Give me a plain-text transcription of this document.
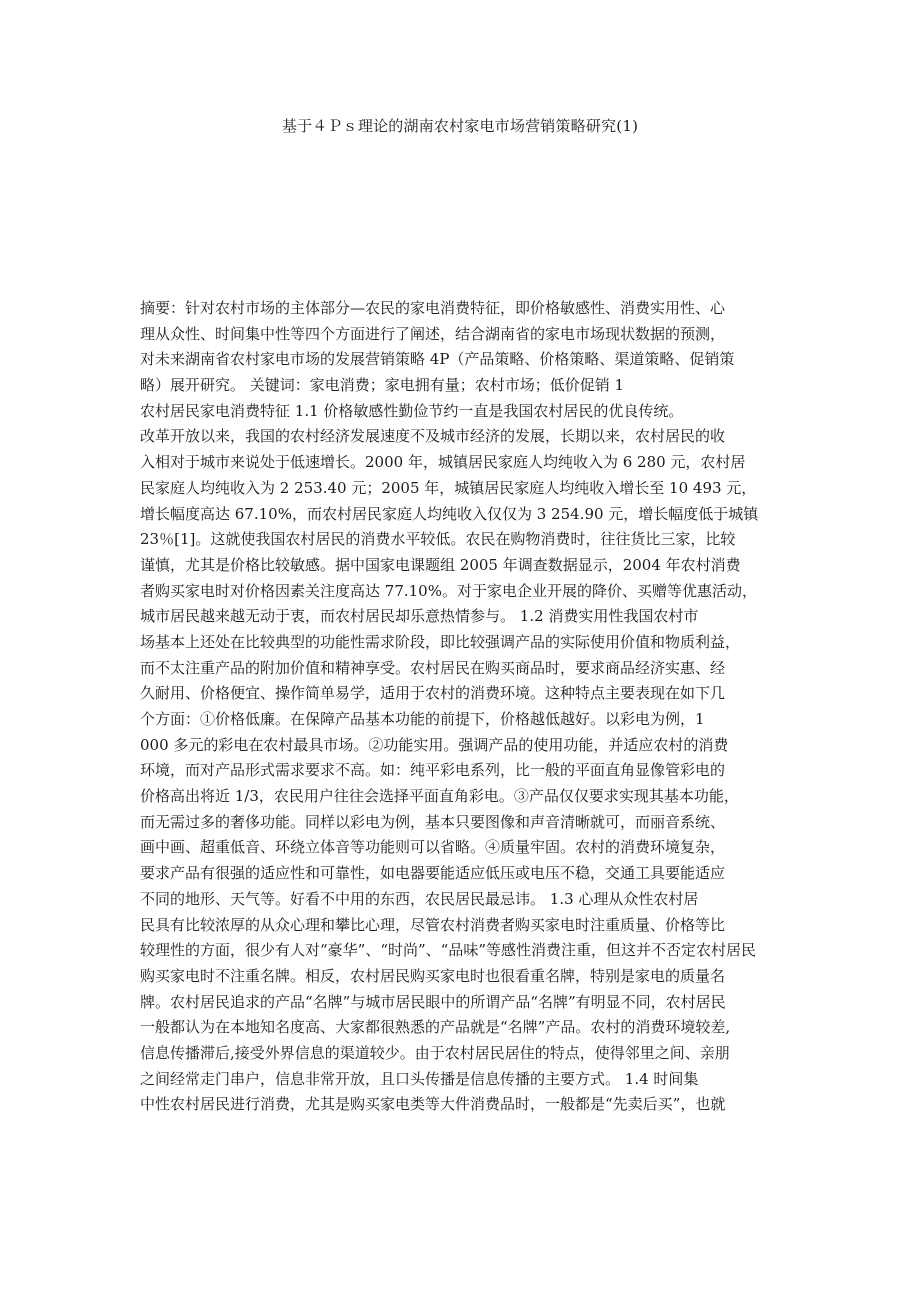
基于４Ｐｓ理论的湖南农村家电市场营销策略研究(1)
摘要：针对农村市场的主体部分—农民的家电消费特征，即价格敏感性、消费实用性、心
理从众性、时间集中性等四个方面进行了阐述，结合湖南省的家电市场现状数据的预测，
对未来湖南省农村家电市场的发展营销策略 4P（产品策略、价格策略、渠道策略、促销策
略）展开研究。 关键词：家电消费；家电拥有量；农村市场；低价促销 1
农村居民家电消费特征 1.1 价格敏感性勤俭节约一直是我国农村居民的优良传统。
改革开放以来，我国的农村经济发展速度不及城市经济的发展，长期以来，农村居民的收
入相对于城市来说处于低速增长。2000 年，城镇居民家庭人均纯收入为 6 280 元，农村居
民家庭人均纯收入为 2 253.40 元；2005 年，城镇居民家庭人均纯收入增长至 10 493 元，
增长幅度高达 67.10%，而农村居民家庭人均纯收入仅仅为 3 254.90 元，增长幅度低于城镇
23％[1]。这就使我国农村居民的消费水平较低。农民在购物消费时，往往货比三家，比较
谨慎，尤其是价格比较敏感。据中国家电课题组 2005 年调查数据显示，2004 年农村消费
者购买家电时对价格因素关注度高达 77.10%。对于家电企业开展的降价、买赠等优惠活动，
城市居民越来越无动于衷，而农村居民却乐意热情参与。 1.2 消费实用性我国农村市
场基本上还处在比较典型的功能性需求阶段，即比较强调产品的实际使用价值和物质利益，
而不太注重产品的附加价值和精神享受。农村居民在购买商品时，要求商品经济实惠、经
久耐用、价格便宜、操作简单易学，适用于农村的消费环境。这种特点主要表现在如下几
个方面：①价格低廉。在保障产品基本功能的前提下，价格越低越好。以彩电为例，1
000 多元的彩电在农村最具市场。②功能实用。强调产品的使用功能，并适应农村的消费
环境，而对产品形式需求要求不高。如：纯平彩电系列，比一般的平面直角显像管彩电的
价格高出将近 1/3，农民用户往往会选择平面直角彩电。③产品仅仅要求实现其基本功能，
而无需过多的奢侈功能。同样以彩电为例，基本只要图像和声音清晰就可，而丽音系统、
画中画、超重低音、环绕立体音等功能则可以省略。④质量牢固。农村的消费环境复杂，
要求产品有很强的适应性和可靠性，如电器要能适应低压或电压不稳，交通工具要能适应
不同的地形、天气等。好看不中用的东西，农民居民最忌讳。 1.3 心理从众性农村居
民具有比较浓厚的从众心理和攀比心理，尽管农村消费者购买家电时注重质量、价格等比
较理性的方面，很少有人对“豪华”、“时尚”、“品味”等感性消费注重，但这并不否定农村居民
购买家电时不注重名牌。相反，农村居民购买家电时也很看重名牌，特别是家电的质量名
牌。农村居民追求的产品“名牌”与城市居民眼中的所谓产品“名牌”有明显不同，农村居民
一般都认为在本地知名度高、大家都很熟悉的产品就是“名牌”产品。农村的消费环境较差,
信息传播滞后,接受外界信息的渠道较少。由于农村居民居住的特点，使得邻里之间、亲朋
之间经常走门串户，信息非常开放，且口头传播是信息传播的主要方式。 1.4 时间集
中性农村居民进行消费，尤其是购买家电类等大件消费品时，一般都是“先卖后买”，也就
